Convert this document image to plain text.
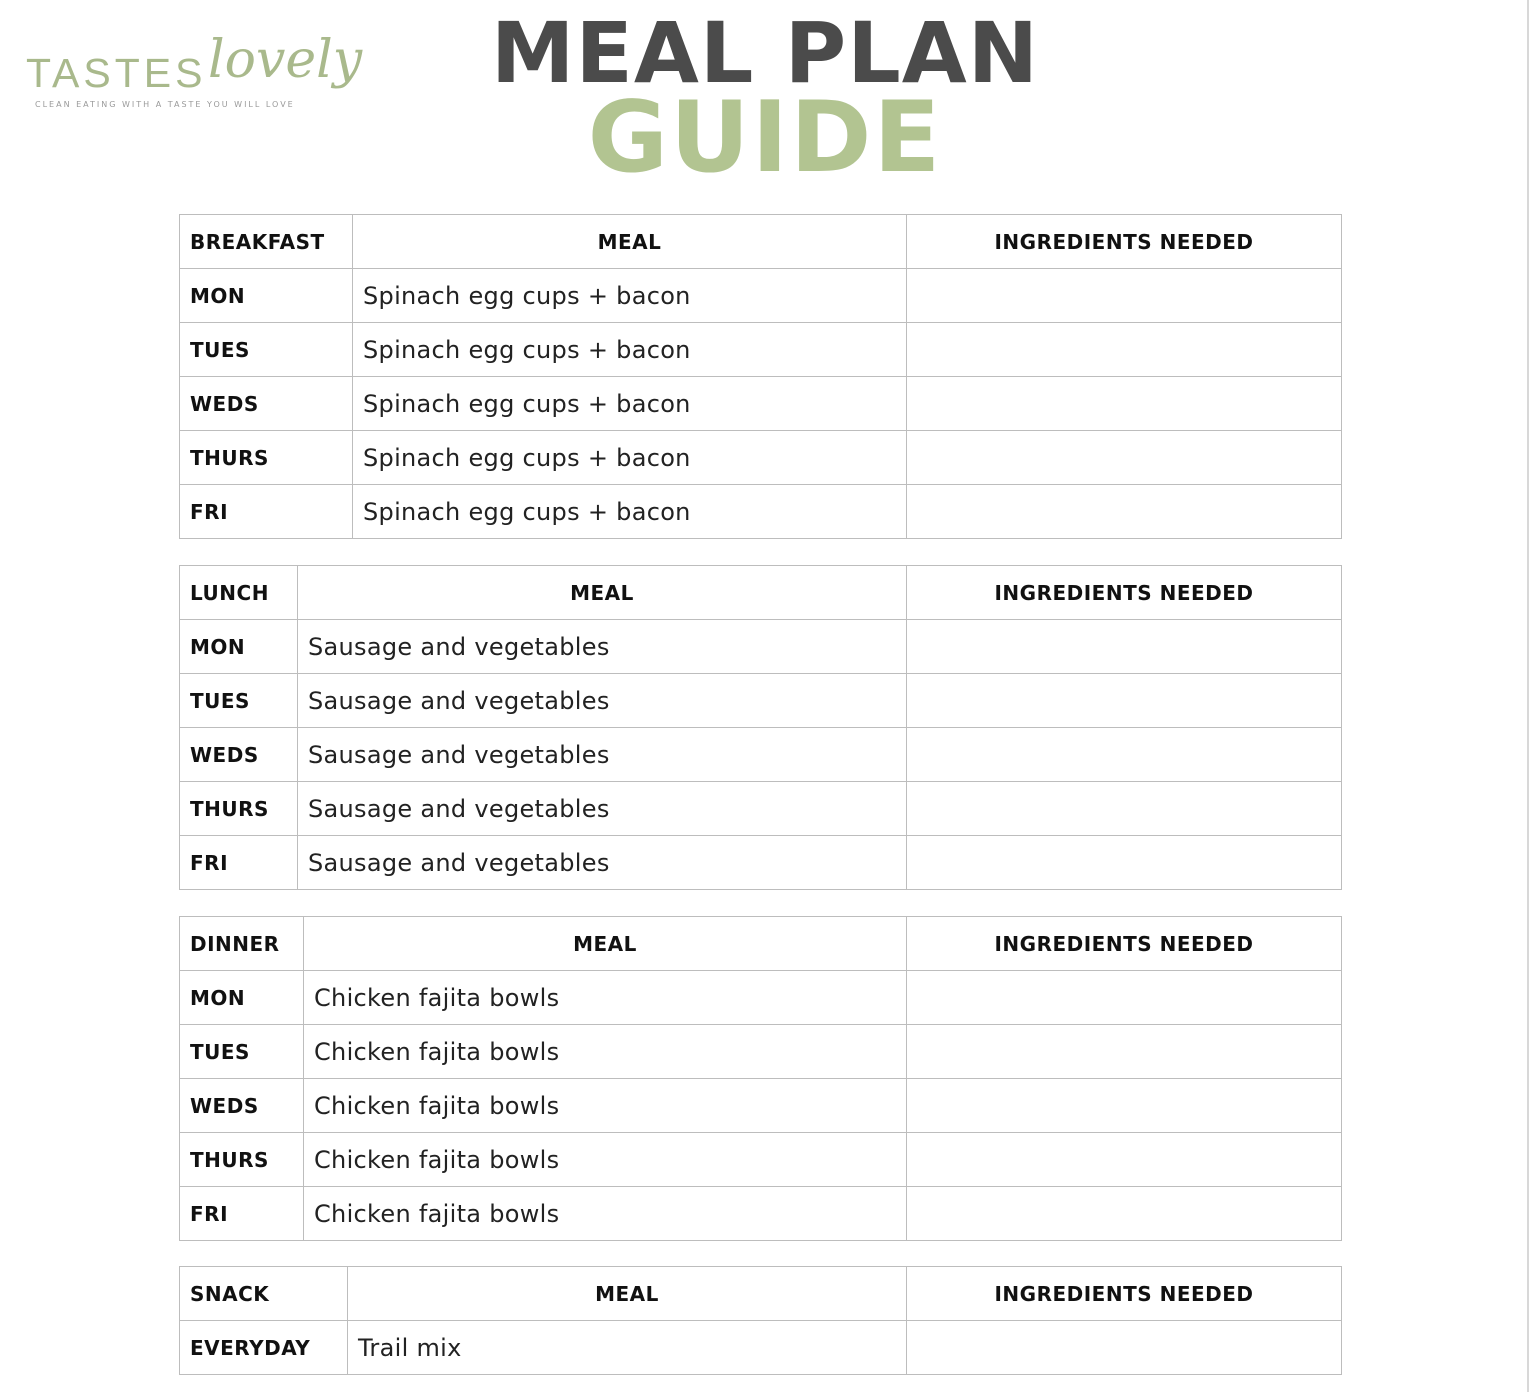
TASTES lovely
CLEAN EATING WITH A TASTE YOU WILL LOVE
MEAL PLAN
GUIDE
BREAKFAST	MEAL	INGREDIENTS NEEDED
MON	Spinach egg cups + bacon	
TUES	Spinach egg cups + bacon	
WEDS	Spinach egg cups + bacon	
THURS	Spinach egg cups + bacon	
FRI	Spinach egg cups + bacon	
LUNCH	MEAL	INGREDIENTS NEEDED
MON	Sausage and vegetables	
TUES	Sausage and vegetables	
WEDS	Sausage and vegetables	
THURS	Sausage and vegetables	
FRI	Sausage and vegetables	
DINNER	MEAL	INGREDIENTS NEEDED
MON	Chicken fajita bowls	
TUES	Chicken fajita bowls	
WEDS	Chicken fajita bowls	
THURS	Chicken fajita bowls	
FRI	Chicken fajita bowls	
SNACK	MEAL	INGREDIENTS NEEDED
EVERYDAY	Trail mix	
